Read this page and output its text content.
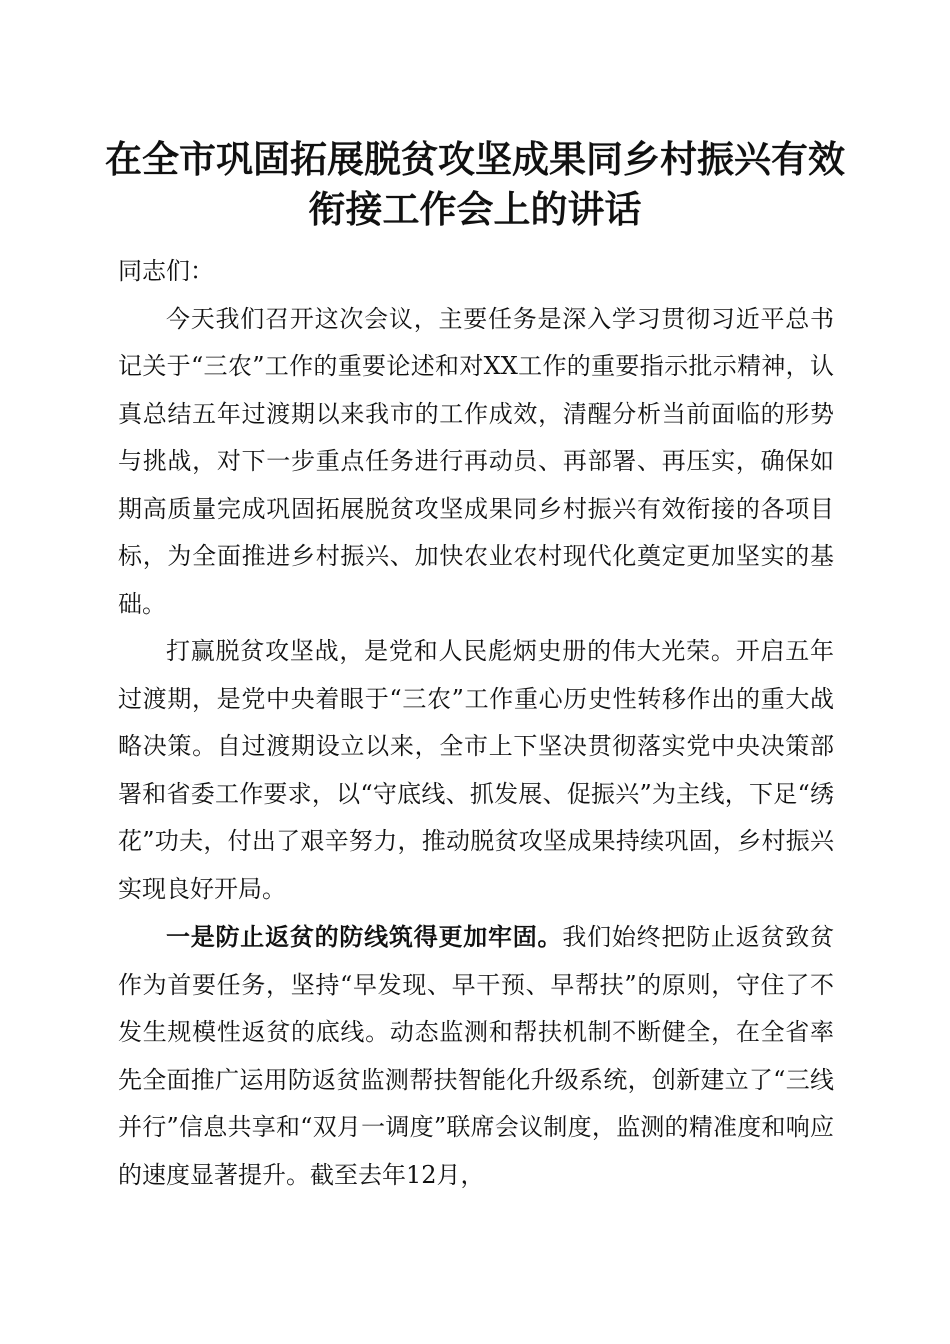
在全市巩固拓展脱贫攻坚成果同乡村振兴有效
衔接工作会上的讲话

同志们：

今天我们召开这次会议，主要任务是深入学习贯彻习近平总书记关于“三农”工作的重要论述和对XX工作的重要指示批示精神，认真总结五年过渡期以来我市的工作成效，清醒分析当前面临的形势与挑战，对下一步重点任务进行再动员、再部署、再压实，确保如期高质量完成巩固拓展脱贫攻坚成果同乡村振兴有效衔接的各项目标，为全面推进乡村振兴、加快农业农村现代化奠定更加坚实的基础。

打赢脱贫攻坚战，是党和人民彪炳史册的伟大光荣。开启五年过渡期，是党中央着眼于“三农”工作重心历史性转移作出的重大战略决策。自过渡期设立以来，全市上下坚决贯彻落实党中央决策部署和省委工作要求，以“守底线、抓发展、促振兴”为主线，下足“绣花”功夫，付出了艰辛努力，推动脱贫攻坚成果持续巩固，乡村振兴实现良好开局。

一是防止返贫的防线筑得更加牢固。我们始终把防止返贫致贫作为首要任务，坚持“早发现、早干预、早帮扶”的原则，守住了不发生规模性返贫的底线。动态监测和帮扶机制不断健全，在全省率先全面推广运用防返贫监测帮扶智能化升级系统，创新建立了“三线并行”信息共享和“双月一调度”联席会议制度，监测的精准度和响应的速度显著提升。截至去年12月，
